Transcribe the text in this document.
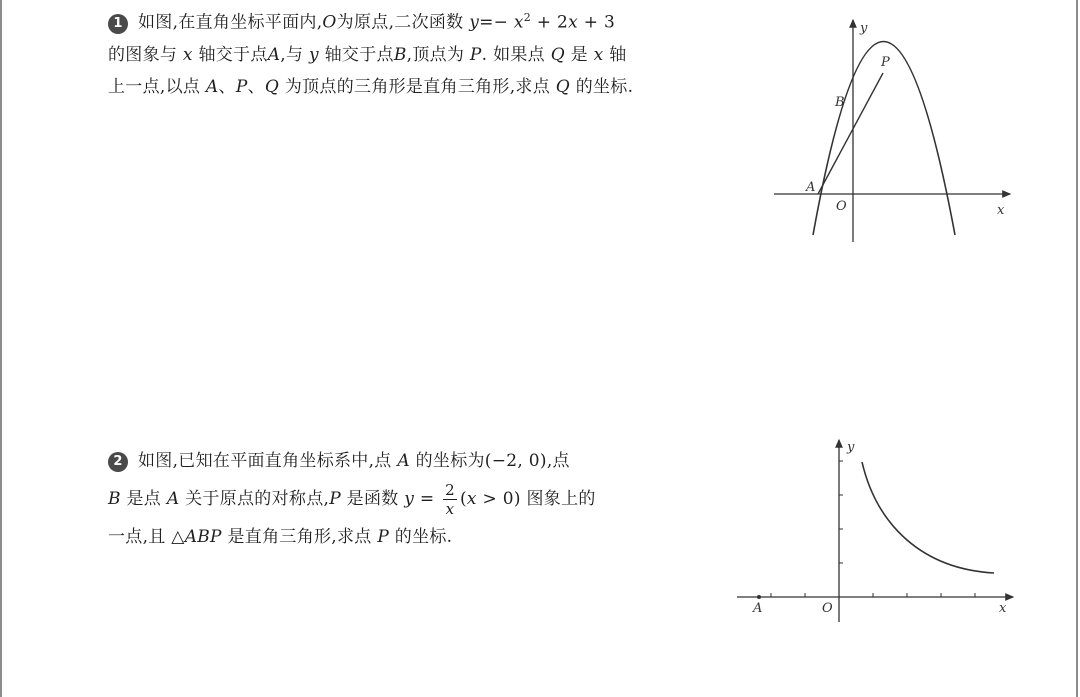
1 如图,在直角坐标平面内,O为原点,二次函数 $y=- x^2 + 2x + 3$
的图象与 x 轴交于点A,与 y 轴交于点B,顶点为 P. 如果点 Q 是 x 轴
上一点,以点 A、P、Q 为顶点的三角形是直角三角形,求点 Q 的坐标.
y
x
O
A
B
P
2 如图,已知在平面直角坐标系中,点 A 的坐标为(−2, 0),点
B 是点 A 关于原点的对称点,P 是函数 $y = \frac{2}{x} (x > 0)$ 图象上的
一点,且 △ABP 是直角三角形,求点 P 的坐标.
y
x
O
A
